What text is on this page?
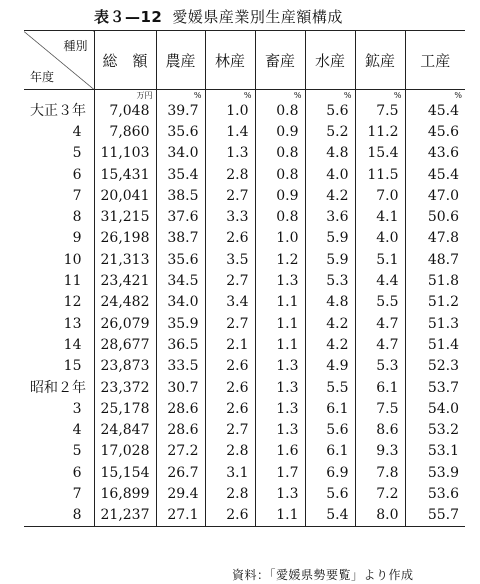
表３—12 愛媛県産業別生産額構成
種別
年度	総　額	農産	林産	畜産	水産	鉱産	工産
	万円	%	%	%	%	%	%
大正３年	7,048	39.7	1.0	0.8	5.6	7.5	45.4
4	7,860	35.6	1.4	0.9	5.2	11.2	45.6
5	11,103	34.0	1.3	0.8	4.8	15.4	43.6
6	15,431	35.4	2.8	0.8	4.0	11.5	45.4
7	20,041	38.5	2.7	0.9	4.2	7.0	47.0
8	31,215	37.6	3.3	0.8	3.6	4.1	50.6
9	26,198	38.7	2.6	1.0	5.9	4.0	47.8
10	21,313	35.6	3.5	1.2	5.9	5.1	48.7
11	23,421	34.5	2.7	1.3	5.3	4.4	51.8
12	24,482	34.0	3.4	1.1	4.8	5.5	51.2
13	26,079	35.9	2.7	1.1	4.2	4.7	51.3
14	28,677	36.5	2.1	1.1	4.2	4.7	51.4
15	23,873	33.5	2.6	1.3	4.9	5.3	52.3
昭和２年	23,372	30.7	2.6	1.3	5.5	6.1	53.7
3	25,178	28.6	2.6	1.3	6.1	7.5	54.0
4	24,847	28.6	2.7	1.3	5.6	8.6	53.2
5	17,028	27.2	2.8	1.6	6.1	9.3	53.1
6	15,154	26.7	3.1	1.7	6.9	7.8	53.9
7	16,899	29.4	2.8	1.3	5.6	7.2	53.6
8	21,237	27.1	2.6	1.1	5.4	8.0	55.7
資料：「愛媛県勢要覧」より作成
